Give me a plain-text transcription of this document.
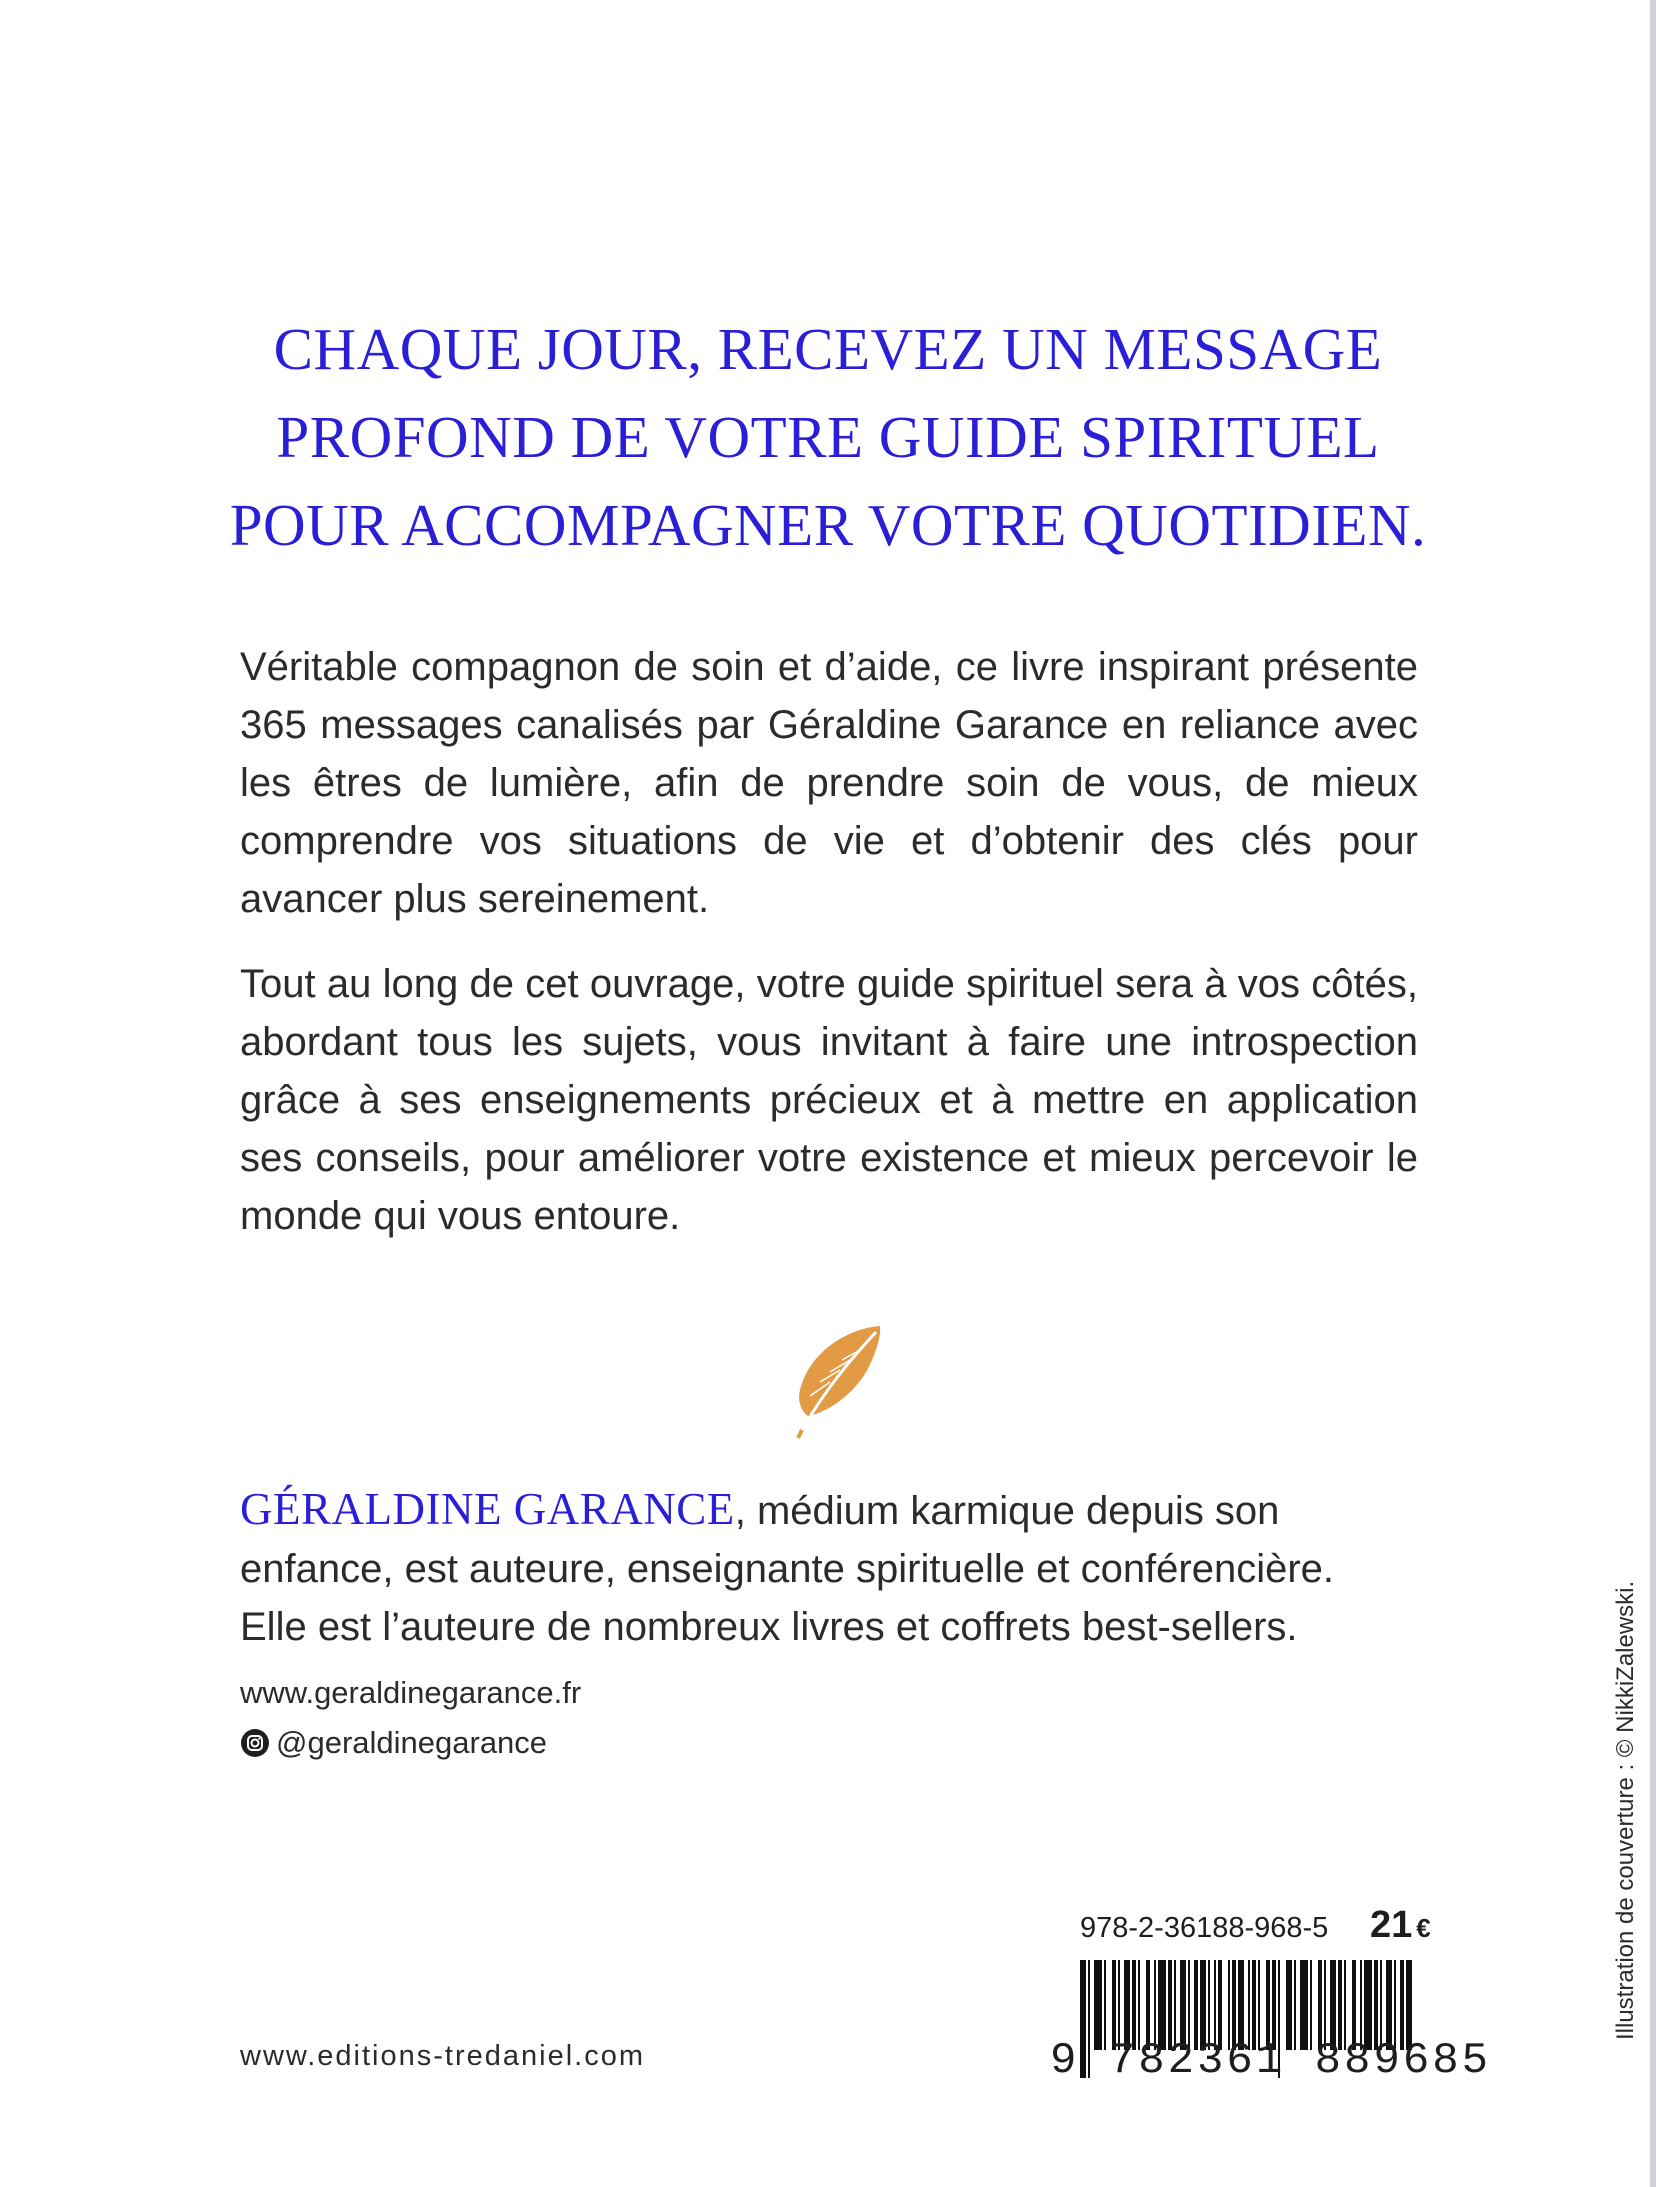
CHAQUE JOUR, RECEVEZ UN MESSAGE
PROFOND DE VOTRE GUIDE SPIRITUEL
POUR ACCOMPAGNER VOTRE QUOTIDIEN.

Véritable compagnon de soin et d’aide, ce livre inspirant présente 365 messages canalisés par Géraldine Garance en reliance avec les êtres de lumière, afin de prendre soin de vous, de mieux comprendre vos situations de vie et d’obtenir des clés pour avancer plus sereinement.

Tout au long de cet ouvrage, votre guide spirituel sera à vos côtés, abordant tous les sujets, vous invitant à faire une introspection grâce à ses enseignements précieux et à mettre en application ses conseils, pour améliorer votre existence et mieux percevoir le monde qui vous entoure.

GÉRALDINE GARANCE, médium karmique depuis son
enfance, est auteure, enseignante spirituelle et conférencière.
Elle est l’auteure de nombreux livres et coffrets best-sellers.
www.geraldinegarance.fr
@geraldinegarance
www.editions-tredaniel.com
978-2-36188-968-5 21 €
9 782361 889685
Illustration de couverture : © NikkiZalewski.
